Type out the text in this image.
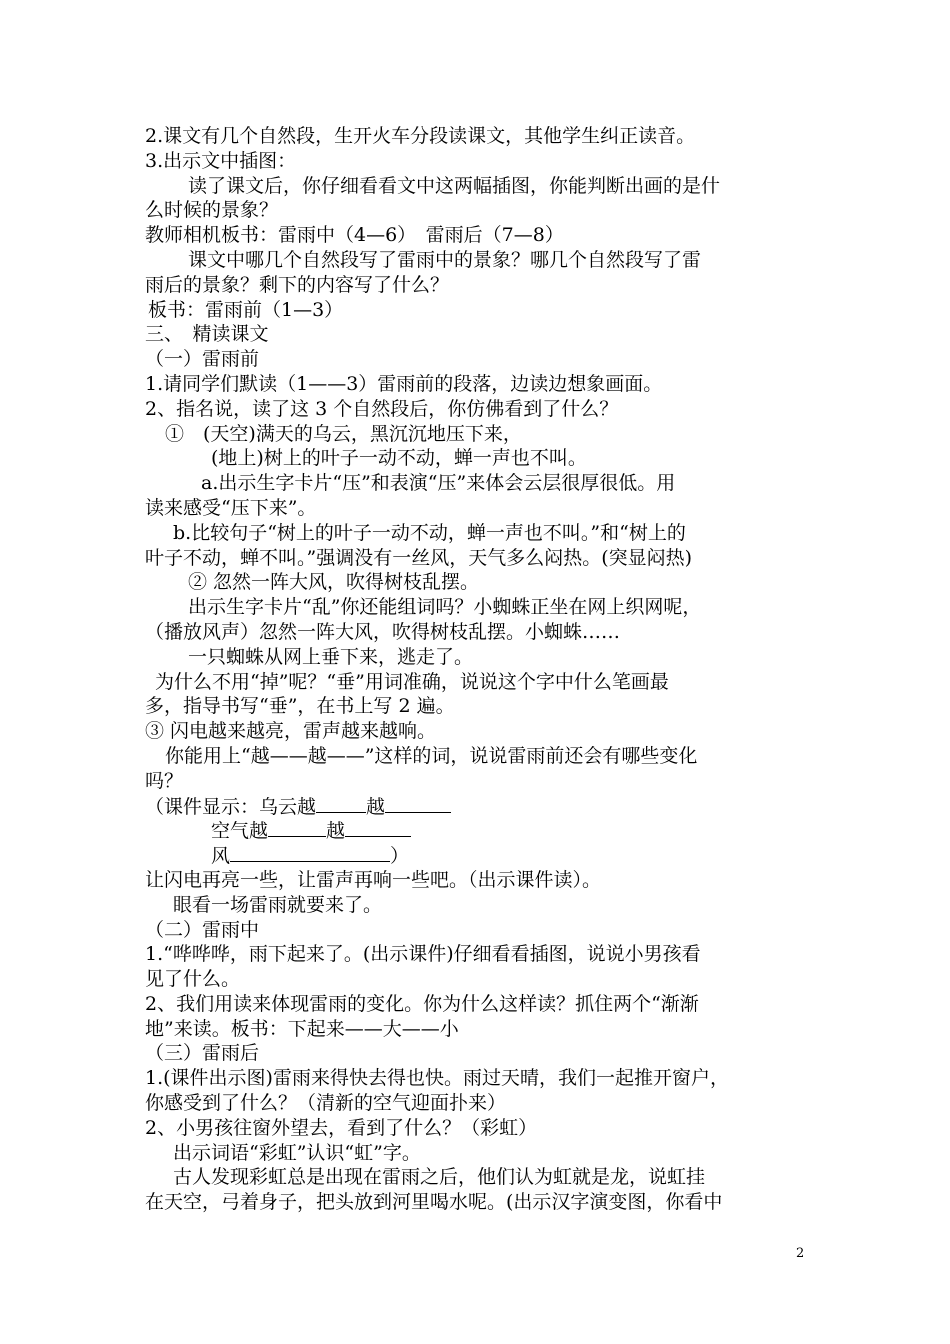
2.课文有几个自然段，生开火车分段读课文，其他学生纠正读音。
3.出示文中插图：
读了课文后，你仔细看看文中这两幅插图，你能判断出画的是什
么时候的景象？
教师相机板书：雷雨中（4—6）　雷雨后（7—8）
课文中哪几个自然段写了雷雨中的景象？哪几个自然段写了雷
雨后的景象？剩下的内容写了什么？
板书：雷雨前（1—3）
三、　精读课文
（一）雷雨前
1.请同学们默读（1——3）雷雨前的段落，边读边想象画面。
2、指名说，读了这 3 个自然段后，你仿佛看到了什么？
①　(天空)满天的乌云，黑沉沉地压下来，
(地上)树上的叶子一动不动，蝉一声也不叫。
a.出示生字卡片“压”和表演“压”来体会云层很厚很低。用
读来感受“压下来”。
b.比较句子“树上的叶子一动不动，蝉一声也不叫。”和“树上的
叶子不动，蝉不叫。”强调没有一丝风，天气多么闷热。(突显闷热)
② 忽然一阵大风，吹得树枝乱摆。
出示生字卡片“乱”你还能组词吗？小蜘蛛正坐在网上织网呢，
（播放风声）忽然一阵大风，吹得树枝乱摆。小蜘蛛……
一只蜘蛛从网上垂下来，逃走了。
为什么不用“掉”呢？“垂”用词准确，说说这个字中什么笔画最
多，指导书写“垂”，在书上写 2 遍。
③ 闪电越来越亮，雷声越来越响。
你能用上“越——越——”这样的词，说说雷雨前还会有哪些变化
吗？
（课件显示：乌云越	越
空气越	越
风	）
让闪电再亮一些，让雷声再响一些吧。（出示课件读）。
眼看一场雷雨就要来了。
（二）雷雨中
1.“哗哗哗，雨下起来了。(出示课件)仔细看看插图，说说小男孩看
见了什么。
2、我们用读来体现雷雨的变化。你为什么这样读？抓住两个“渐渐
地”来读。板书：下起来——大——小
（三）雷雨后
1.(课件出示图)雷雨来得快去得也快。雨过天晴，我们一起推开窗户，
你感受到了什么？（清新的空气迎面扑来）
2、小男孩往窗外望去，看到了什么？（彩虹）
出示词语“彩虹”认识“虹”字。
古人发现彩虹总是出现在雷雨之后，他们认为虹就是龙，说虹挂
在天空，弓着身子，把头放到河里喝水呢。(出示汉字演变图，你看中
2
